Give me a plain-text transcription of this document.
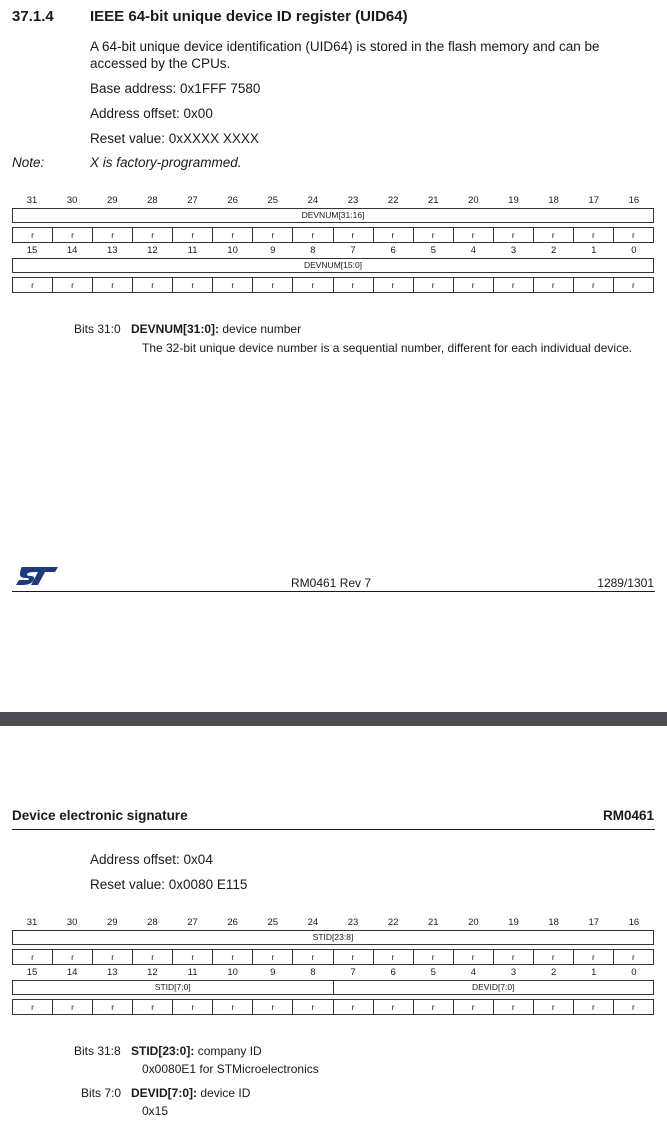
37.1.4 IEEE 64-bit unique device ID register (UID64)
A 64-bit unique device identification (UID64) is stored in the flash memory and can be accessed by the CPUs.
Base address: 0x1FFF 7580
Address offset: 0x00
Reset value: 0xXXXX XXXX
Note:	X is factory-programmed.
31	30	29	28	27	26	25	24	23	22	21	20	19	18	17	16
DEVNUM[31:16]
r	r	r	r	r	r	r	r	r	r	r	r	r	r	r	r
15	14	13	12	11	10	9	8	7	6	5	4	3	2	1	0
DEVNUM[15:0]
r	r	r	r	r	r	r	r	r	r	r	r	r	r	r	r
Bits 31:0 DEVNUM[31:0]: device number
The 32-bit unique device number is a sequential number, different for each individual device.
RM0461 Rev 7	1289/1301
Device electronic signature	RM0461
Address offset: 0x04
Reset value: 0x0080 E115
31	30	29	28	27	26	25	24	23	22	21	20	19	18	17	16
STID[23:8]
r	r	r	r	r	r	r	r	r	r	r	r	r	r	r	r
15	14	13	12	11	10	9	8	7	6	5	4	3	2	1	0
STID[7:0]	DEVID[7:0]
r	r	r	r	r	r	r	r	r	r	r	r	r	r	r	r
Bits 31:8 STID[23:0]: company ID
0x0080E1 for STMicroelectronics
Bits 7:0 DEVID[7:0]: device ID
0x15
